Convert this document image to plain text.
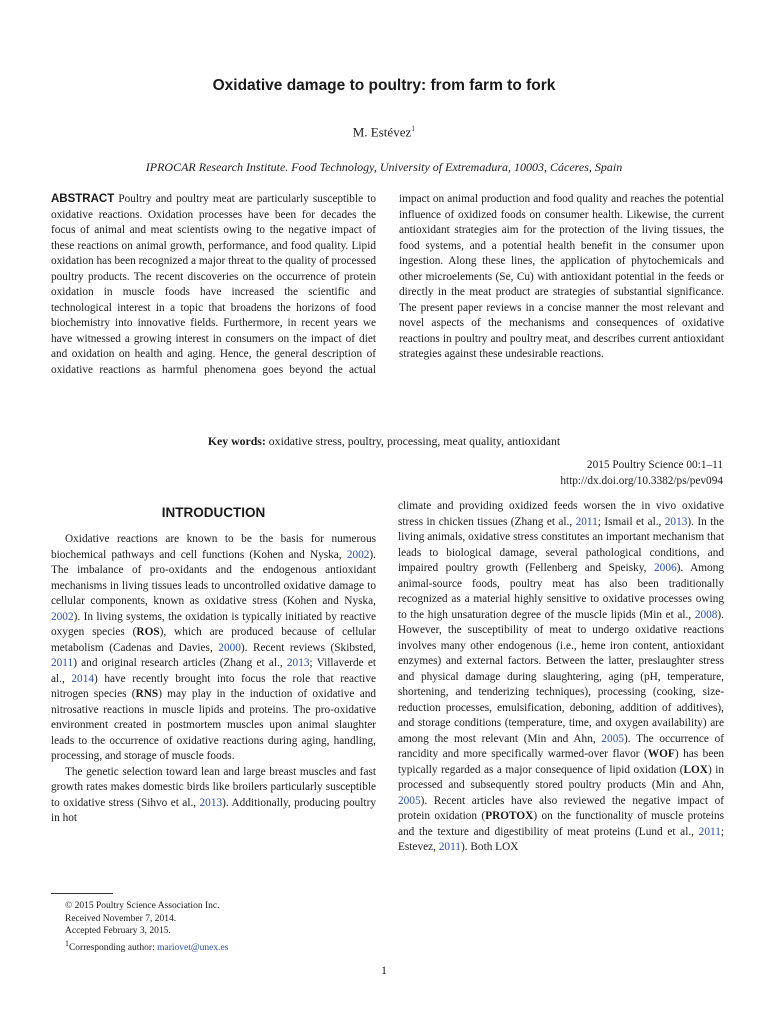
Oxidative damage to poultry: from farm to fork
M. Estévez$^1$
IPROCAR Research Institute. Food Technology, University of Extremadura, 10003, Cáceres, Spain
ABSTRACT Poultry and poultry meat are particularly susceptible to oxidative reactions. Oxidation processes have been for decades the focus of animal and meat scientists owing to the negative impact of these reactions on animal growth, performance, and food quality. Lipid oxidation has been recognized a major threat to the quality of processed poultry products. The recent discoveries on the occurrence of protein oxidation in muscle foods have increased the scientific and technological interest in a topic that broadens the horizons of food biochemistry into innovative fields. Furthermore, in recent years we have witnessed a growing interest in consumers on the impact of diet and oxidation on health and aging. Hence, the general description of oxidative reactions as harmful phenomena goes beyond the actual impact on animal production and food quality and reaches the potential influence of oxidized foods on consumer health. Likewise, the current antioxidant strategies aim for the protection of the living tissues, the food systems, and a potential health benefit in the consumer upon ingestion. Along these lines, the application of phytochemicals and other microelements (Se, Cu) with antioxidant potential in the feeds or directly in the meat product are strategies of substantial significance. The present paper reviews in a concise manner the most relevant and novel aspects of the mechanisms and consequences of oxidative reactions in poultry and poultry meat, and describes current antioxidant strategies against these undesirable reactions.
Key words: oxidative stress, poultry, processing, meat quality, antioxidant
2015 Poultry Science 00:1–11
http://dx.doi.org/10.3382/ps/pev094
INTRODUCTION

Oxidative reactions are known to be the basis for numerous biochemical pathways and cell functions (Kohen and Nyska, 2002). The imbalance of pro-oxidants and the endogenous antioxidant mechanisms in living tissues leads to uncontrolled oxidative damage to cellular components, known as oxidative stress (Kohen and Nyska, 2002). In living systems, the oxidation is typically initiated by reactive oxygen species (ROS), which are produced because of cellular metabolism (Cadenas and Davies, 2000). Recent reviews (Skibsted, 2011) and original research articles (Zhang et al., 2013; Villaverde et al., 2014) have recently brought into focus the role that reactive nitrogen species (RNS) may play in the induction of oxidative and nitrosative reactions in muscle lipids and proteins. The pro-oxidative environment created in postmortem muscles upon animal slaughter leads to the occurrence of oxidative reactions during aging, handling, processing, and storage of muscle foods.

The genetic selection toward lean and large breast muscles and fast growth rates makes domestic birds like broilers particularly susceptible to oxidative stress (Sihvo et al., 2013). Additionally, producing poultry in hot

climate and providing oxidized feeds worsen the in vivo oxidative stress in chicken tissues (Zhang et al., 2011; Ismail et al., 2013). In the living animals, oxidative stress constitutes an important mechanism that leads to biological damage, several pathological conditions, and impaired poultry growth (Fellenberg and Speisky, 2006). Among animal-source foods, poultry meat has also been traditionally recognized as a material highly sensitive to oxidative processes owing to the high unsaturation degree of the muscle lipids (Min et al., 2008). However, the susceptibility of meat to undergo oxidative reactions involves many other endogenous (i.e., heme iron content, antioxidant enzymes) and external factors. Between the latter, preslaughter stress and physical damage during slaughtering, aging (pH, temperature, shortening, and tenderizing techniques), processing (cooking, size-reduction processes, emulsification, deboning, addition of additives), and storage conditions (temperature, time, and oxygen availability) are among the most relevant (Min and Ahn, 2005). The occurrence of rancidity and more specifically warmed-over flavor (WOF) has been typically regarded as a major consequence of lipid oxidation (LOX) in processed and subsequently stored poultry products (Min and Ahn, 2005). Recent articles have also reviewed the negative impact of protein oxidation (PROTOX) on the functionality of muscle proteins and the texture and digestibility of meat proteins (Lund et al., 2011; Estevez, 2011). Both LOX

© 2015 Poultry Science Association Inc.
Received November 7, 2014.
Accepted February 3, 2015.
$^1$Corresponding author: mariovet@unex.es
1
